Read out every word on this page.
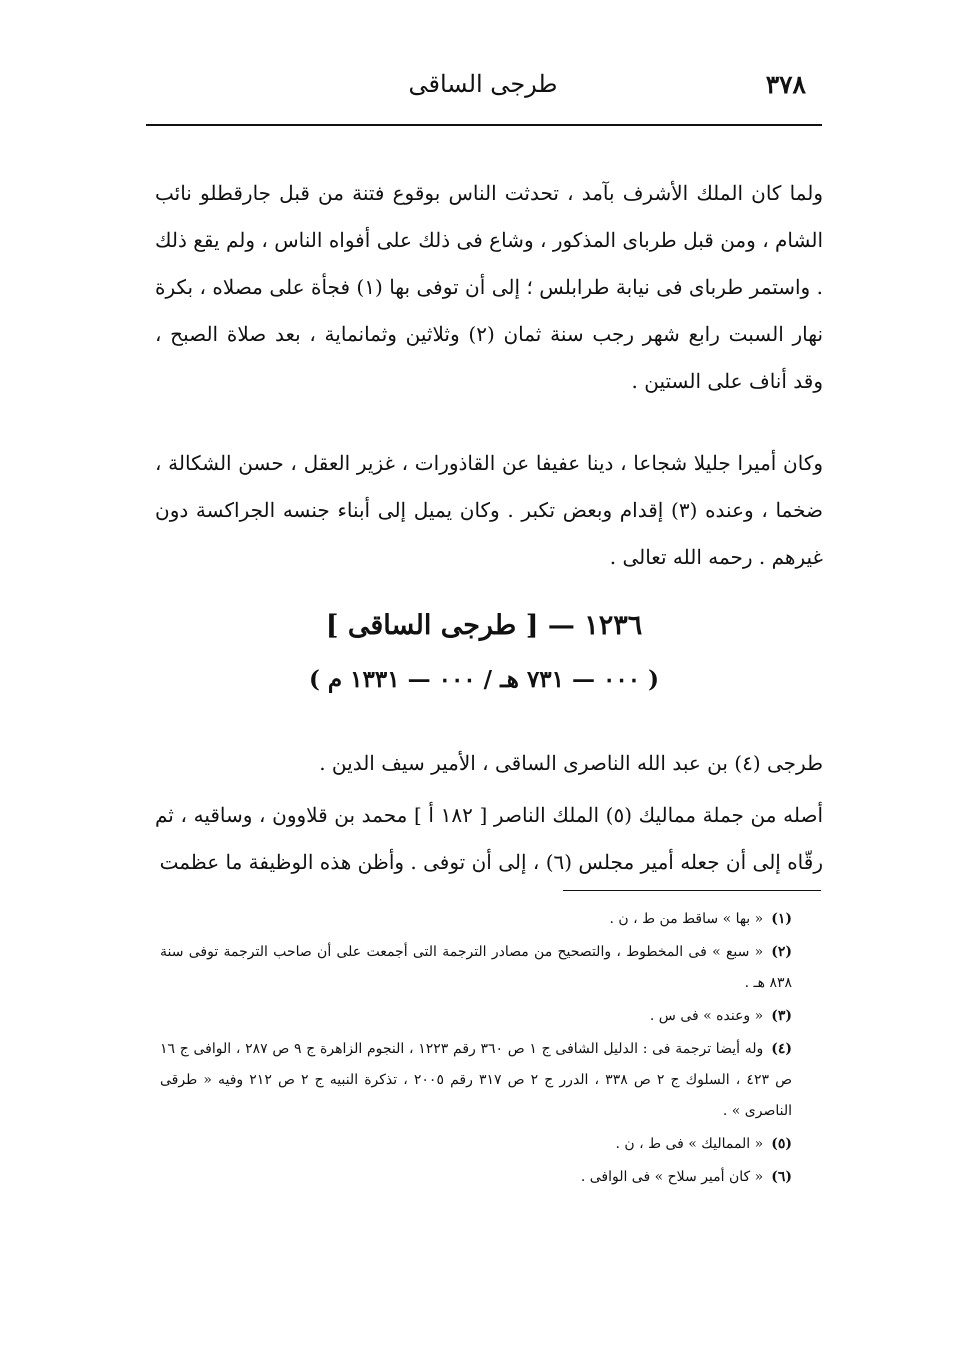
٣٧٨
طرجى الساقى

ولما كان الملك الأشرف بآمد ، تحدثت الناس بوقوع فتنة من قبل جارقطلو نائب الشام ، ومن قبل طرباى المذكور ، وشاع فى ذلك على أفواه الناس ، ولم يقع ذلك . واستمر طرباى فى نيابة طرابلس ؛ إلى أن توفى بها (١) فجأة على مصلاه ، بكرة نهار السبت رابع شهر رجب سنة ثمان (٢) وثلاثين وثمانماية ، بعد صلاة الصبح ، وقد أناف على الستين .

وكان أميرا جليلا شجاعا ، دينا عفيفا عن القاذورات ، غزير العقل ، حسن الشكالة ، ضخما ، وعنده (٣) إقدام وبعض تكبر . وكان يميل إلى أبناء جنسه الجراكسة دون غيرهم . رحمه الله تعالى .

١٢٣٦ — [ طرجى الساقى ]
( ٠٠٠ — ٧٣١ هـ / ٠٠٠ — ١٣٣١ م )

طرجى (٤) بن عبد الله الناصرى الساقى ، الأمير سيف الدين .

أصله من جملة مماليك (٥) الملك الناصر [ ١٨٢ أ ] محمد بن قلاوون ، وساقيه ، ثم رقّاه إلى أن جعله أمير مجلس (٦) ، إلى أن توفى . وأظن هذه الوظيفة ما عظمت

(١)« بها » ساقط من ط ، ن .

(٢)« سبع » فى المخطوط ، والتصحيح من مصادر الترجمة التى أجمعت على أن صاحب الترجمة توفى سنة ٨٣٨ هـ .

(٣)« وعنده » فى س .

(٤)وله أيضا ترجمة فى : الدليل الشافى ج ١ ص ٣٦٠ رقم ١٢٢٣ ، النجوم الزاهرة ج ٩ ص ٢٨٧ ، الوافى ج ١٦ ص ٤٢٣ ، السلوك ج ٢ ص ٣٣٨ ، الدرر ج ٢ ص ٣١٧ رقم ٢٠٠٥ ، تذكرة النبيه ج ٢ ص ٢١٢ وفيه « طرقى الناصرى » .

(٥)« المماليك » فى ط ، ن .

(٦)« كان أمير سلاح » فى الوافى .
